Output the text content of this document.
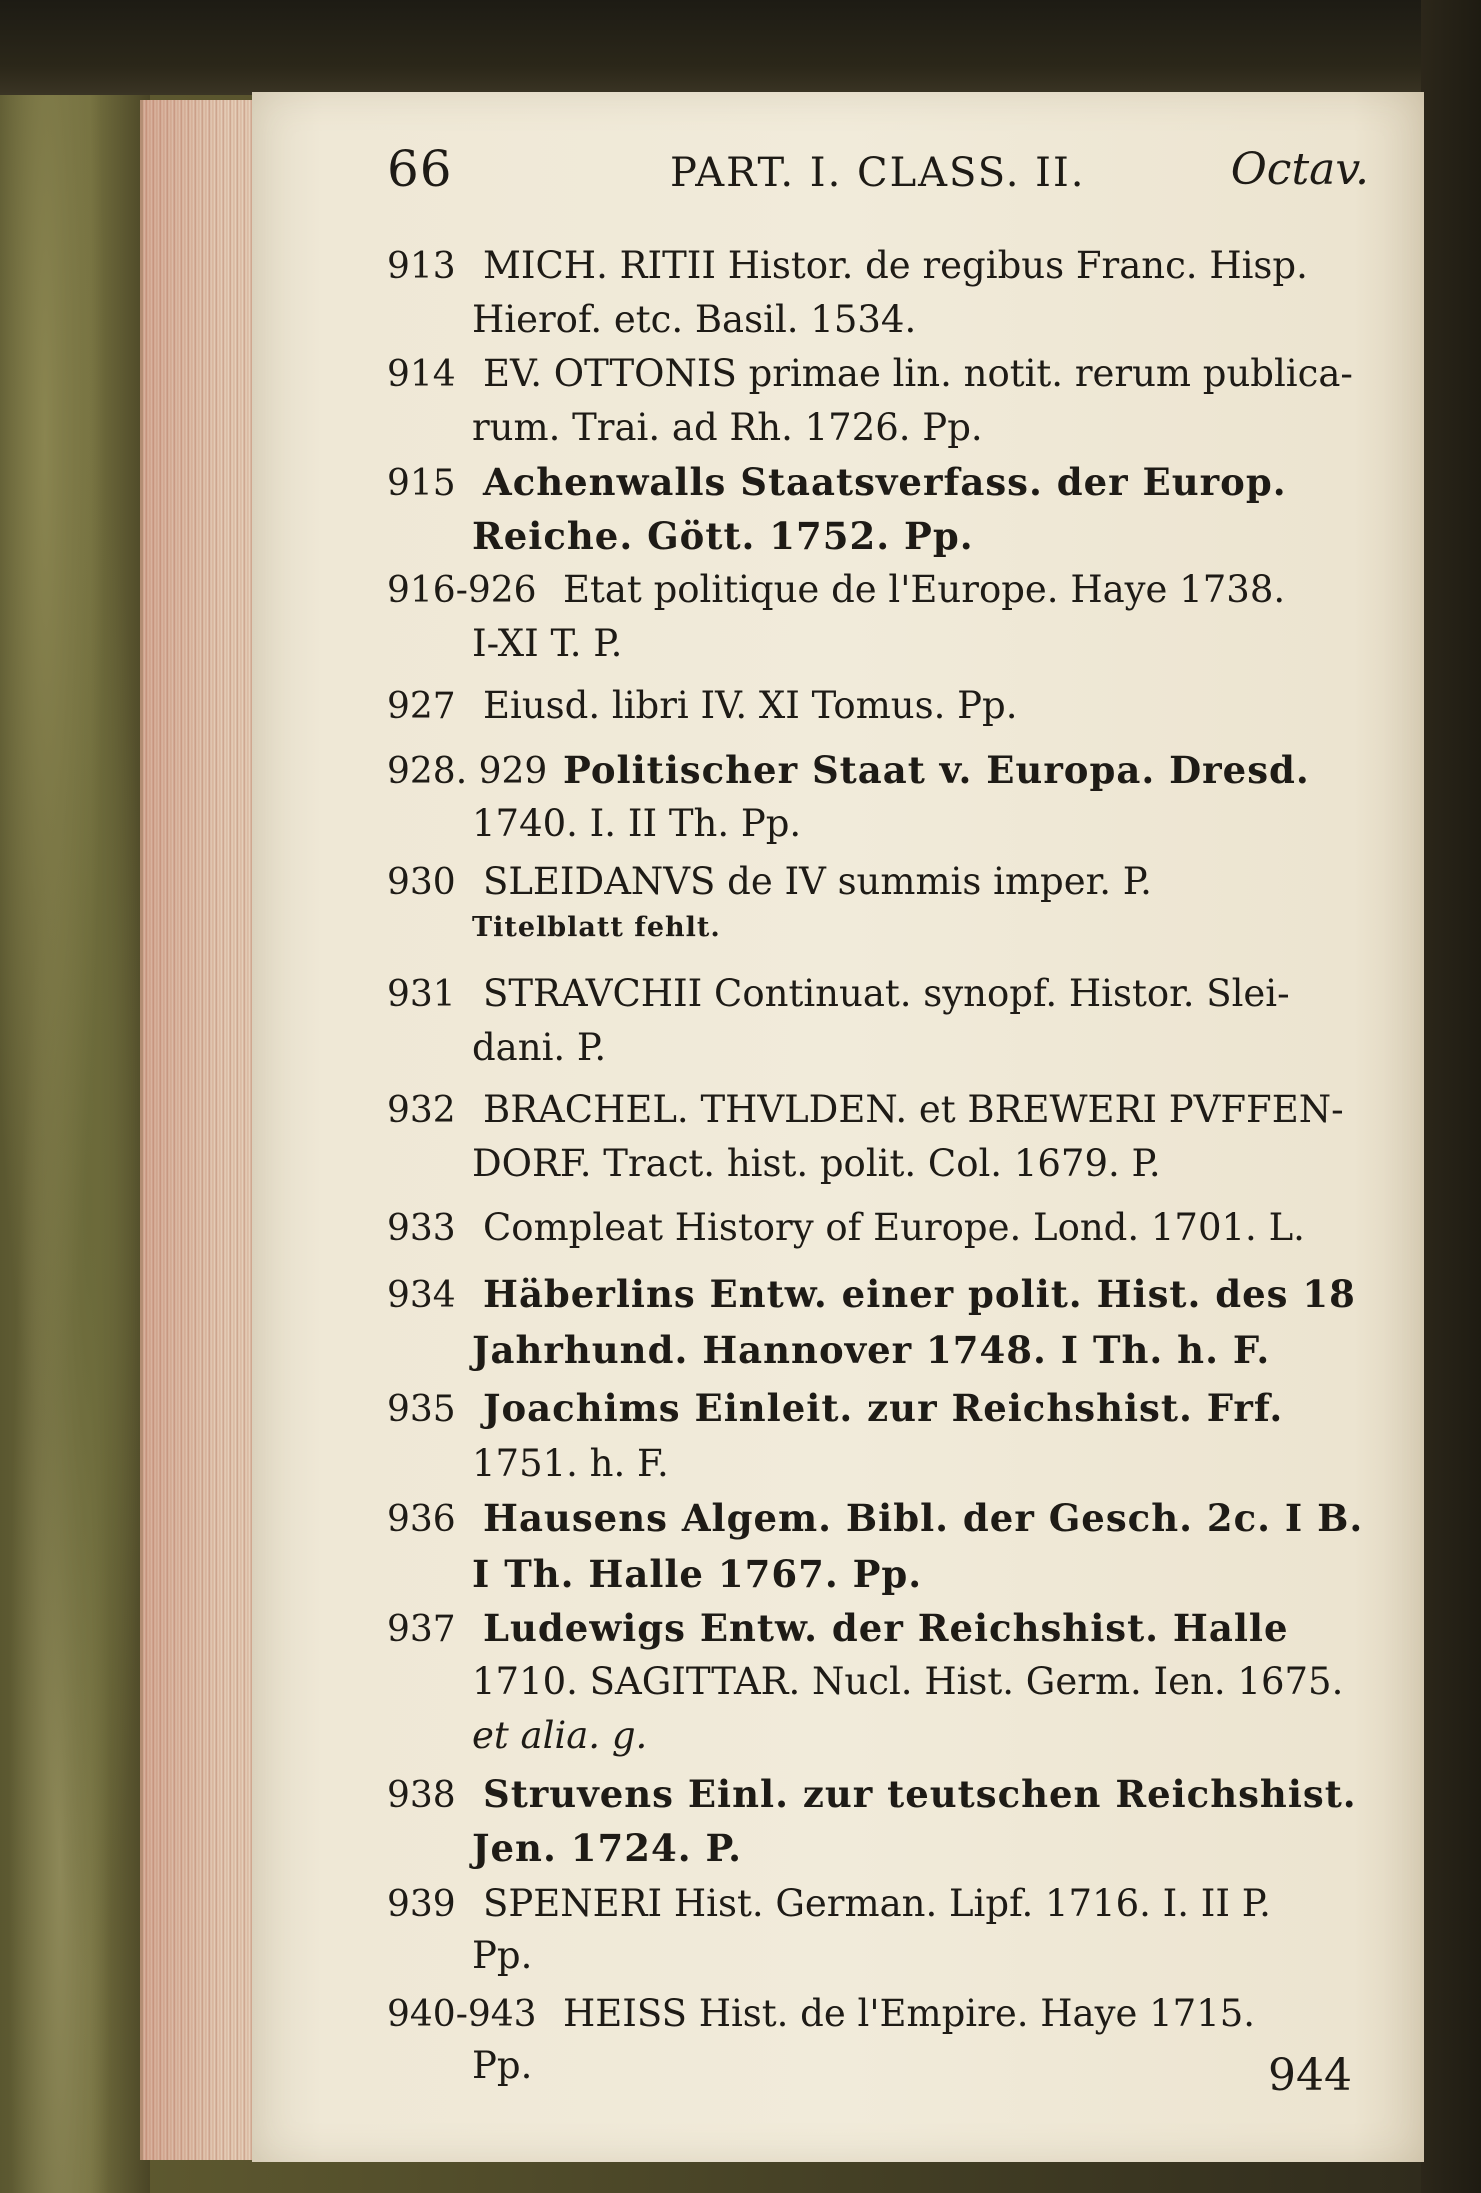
66	PART. I. CLASS. II.	Octav.
913 MICH. RITII Histor. de regibus Franc. Hisp.
Hierof. etc. Basil. 1534.
914 EV. OTTONIS primae lin. notit. rerum publica-
rum. Trai. ad Rh. 1726. Pp.
915 Achenwalls Staatsverfass. der Europ.
Reiche. Gött. 1752. Pp.
916-926 Etat politique de l'Europe. Haye 1738.
I-XI T. P.
927 Eiusd. libri IV. XI Tomus. Pp.
928. 929 Politischer Staat v. Europa. Dresd.
1740. I. II Th. Pp.
930 SLEIDANVS de IV summis imper. P.
Titelblatt fehlt.
931 STRAVCHII Continuat. synopf. Histor. Slei-
dani. P.
932 BRACHEL. THVLDEN. et BREWERI PVFFEN-
DORF. Tract. hist. polit. Col. 1679. P.
933 Compleat History of Europe. Lond. 1701. L.
934 Häberlins Entw. einer polit. Hist. des 18
Jahrhund. Hannover 1748. I Th. h. F.
935 Joachims Einleit. zur Reichshist. Frf.
1751. h. F.
936 Hausens Algem. Bibl. der Gesch. 2c. I B.
I Th. Halle 1767. Pp.
937 Ludewigs Entw. der Reichshist. Halle
1710. SAGITTAR. Nucl. Hist. Germ. Ien. 1675.
et alia. g.
938 Struvens Einl. zur teutschen Reichshist.
Jen. 1724. P.
939 SPENERI Hist. German. Lipf. 1716. I. II P.
Pp.
940-943 HEISS Hist. de l'Empire. Haye 1715.
Pp.	944
